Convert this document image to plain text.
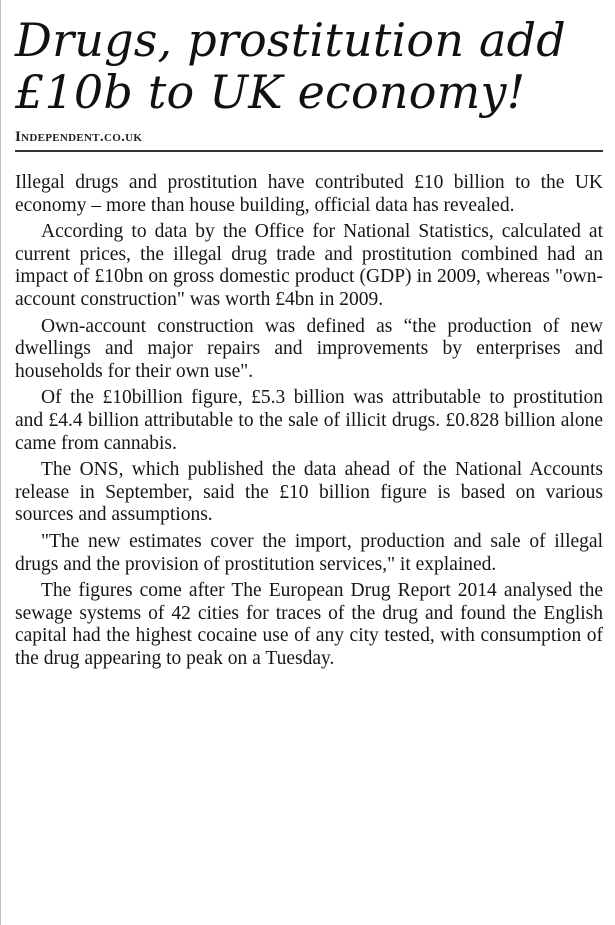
Drugs, prostitution add £10b to UK economy!
Independent.co.uk

Illegal drugs and prostitution have contributed £10 billion to the UK economy – more than house building, official data has revealed.

According to data by the Office for National Statistics, calculated at current prices, the illegal drug trade and prostitution combined had an impact of £10bn on gross domestic product (GDP) in 2009, whereas "own-account construction" was worth £4bn in 2009.

Own-account construction was defined as “the production of new dwellings and major repairs and improvements by enterprises and households for their own use".

Of the £10billion figure, £5.3 billion was attributable to prostitution and £4.4 billion attributable to the sale of illicit drugs. £0.828 billion alone came from cannabis.

The ONS, which published the data ahead of the National Accounts release in September, said the £10 billion figure is based on various sources and assumptions.

"The new estimates cover the import, production and sale of illegal drugs and the provision of prostitution services," it explained.

The figures come after The European Drug Report 2014 analysed the sewage systems of 42 cities for traces of the drug and found the English capital had the highest cocaine use of any city tested, with consumption of the drug appearing to peak on a Tuesday.
